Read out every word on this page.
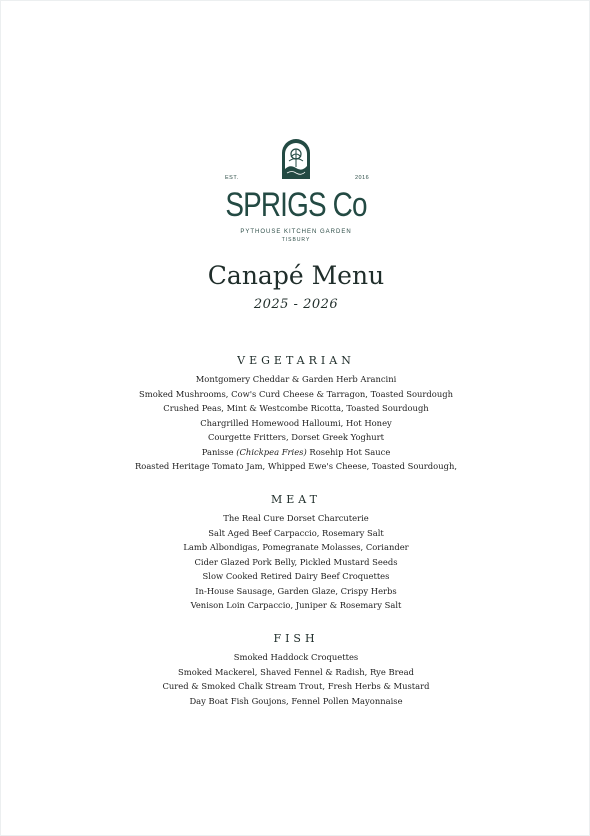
EST.	2016
SPRIGS Co
PYTHOUSE KITCHEN GARDEN
TISBURY
Canapé Menu
2025 - 2026
VEGETARIAN
Montgomery Cheddar & Garden Herb Arancini
Smoked Mushrooms, Cow's Curd Cheese & Tarragon, Toasted Sourdough
Crushed Peas, Mint & Westcombe Ricotta, Toasted Sourdough
Chargrilled Homewood Halloumi, Hot Honey
Courgette Fritters, Dorset Greek Yoghurt
Panisse (Chickpea Fries) Rosehip Hot Sauce
Roasted Heritage Tomato Jam, Whipped Ewe's Cheese, Toasted Sourdough,
MEAT
The Real Cure Dorset Charcuterie
Salt Aged Beef Carpaccio, Rosemary Salt
Lamb Albondigas, Pomegranate Molasses, Coriander
Cider Glazed Pork Belly, Pickled Mustard Seeds
Slow Cooked Retired Dairy Beef Croquettes
In-House Sausage, Garden Glaze, Crispy Herbs
Venison Loin Carpaccio, Juniper & Rosemary Salt
FISH
Smoked Haddock Croquettes
Smoked Mackerel, Shaved Fennel & Radish, Rye Bread
Cured & Smoked Chalk Stream Trout, Fresh Herbs & Mustard
Day Boat Fish Goujons, Fennel Pollen Mayonnaise
